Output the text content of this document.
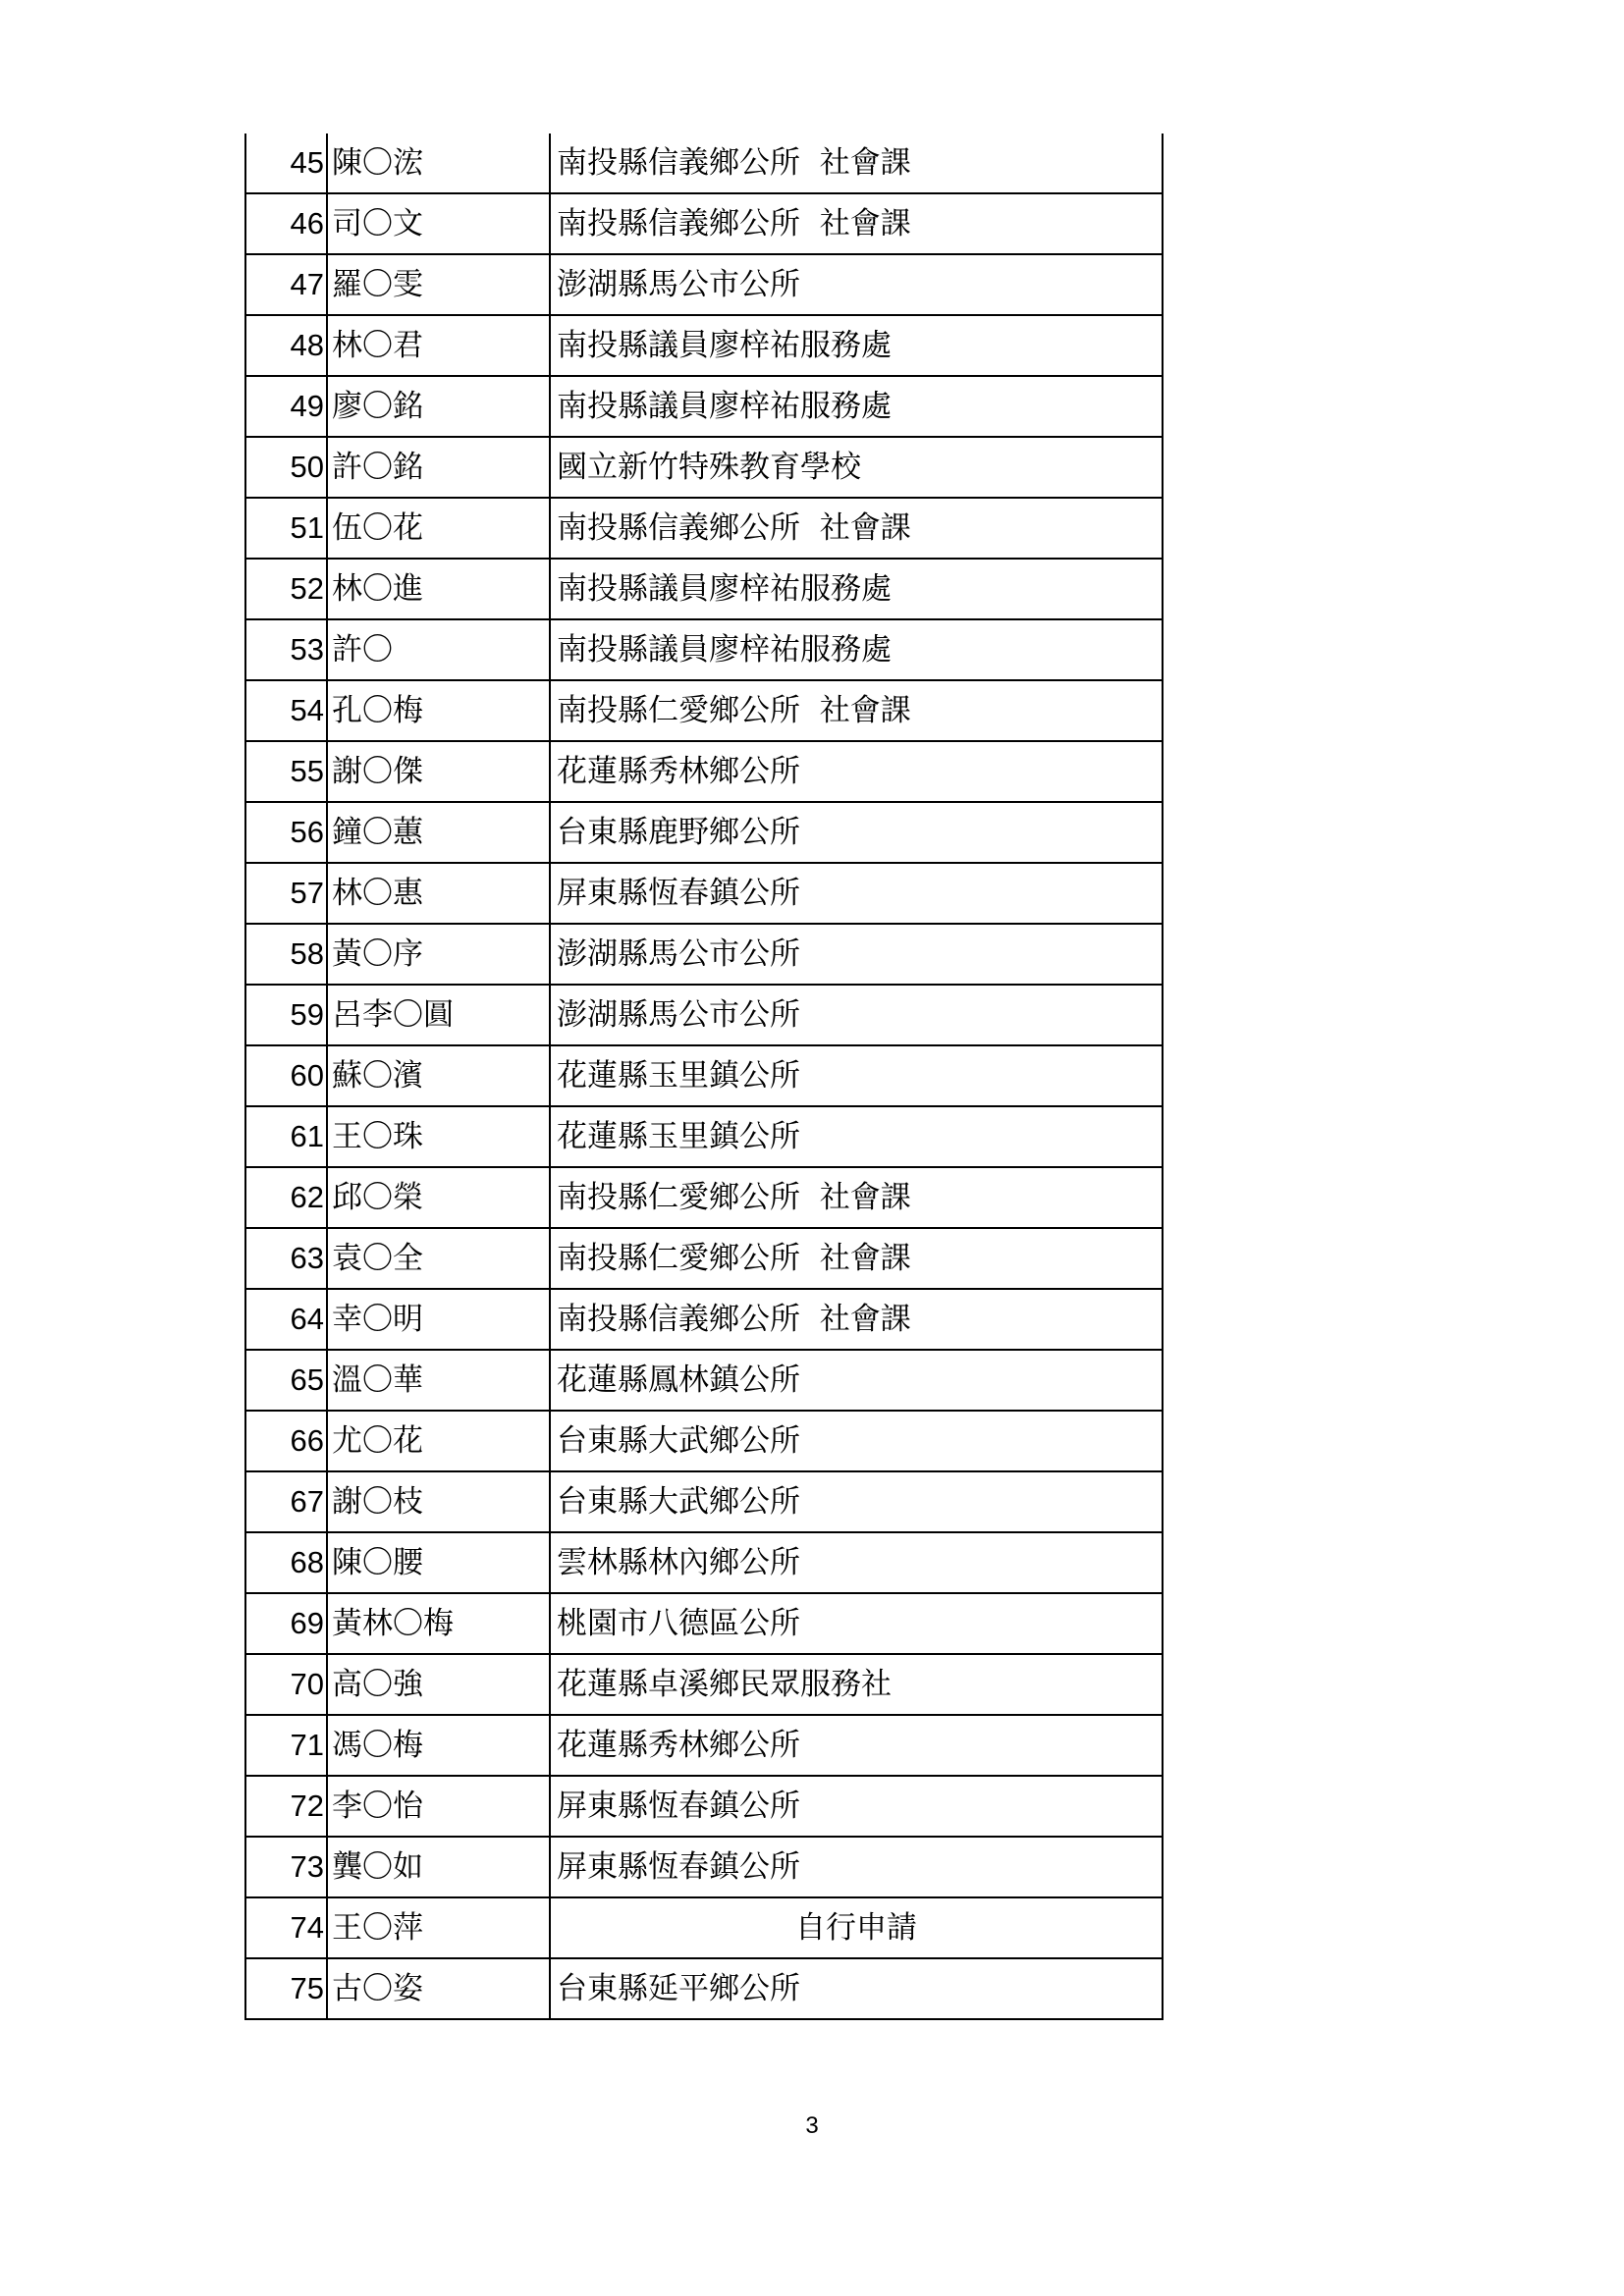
45	陳〇浤	南投縣信義鄉公所  社會課
46	司〇文	南投縣信義鄉公所  社會課
47	羅〇雯	澎湖縣馬公市公所
48	林〇君	南投縣議員廖梓祐服務處
49	廖〇銘	南投縣議員廖梓祐服務處
50	許〇銘	國立新竹特殊教育學校
51	伍〇花	南投縣信義鄉公所  社會課
52	林〇進	南投縣議員廖梓祐服務處
53	許〇	南投縣議員廖梓祐服務處
54	孔〇梅	南投縣仁愛鄉公所  社會課
55	謝〇傑	花蓮縣秀林鄉公所
56	鐘〇蕙	台東縣鹿野鄉公所
57	林〇惠	屏東縣恆春鎮公所
58	黃〇序	澎湖縣馬公市公所
59	呂李〇圓	澎湖縣馬公市公所
60	蘇〇濱	花蓮縣玉里鎮公所
61	王〇珠	花蓮縣玉里鎮公所
62	邱〇榮	南投縣仁愛鄉公所  社會課
63	袁〇全	南投縣仁愛鄉公所  社會課
64	幸〇明	南投縣信義鄉公所  社會課
65	溫〇華	花蓮縣鳳林鎮公所
66	尤〇花	台東縣大武鄉公所
67	謝〇枝	台東縣大武鄉公所
68	陳〇腰	雲林縣林內鄉公所
69	黃林〇梅	桃園市八德區公所
70	高〇強	花蓮縣卓溪鄉民眾服務社
71	馮〇梅	花蓮縣秀林鄉公所
72	李〇怡	屏東縣恆春鎮公所
73	龔〇如	屏東縣恆春鎮公所
74	王〇萍	自行申請
75	古〇姿	台東縣延平鄉公所
3
